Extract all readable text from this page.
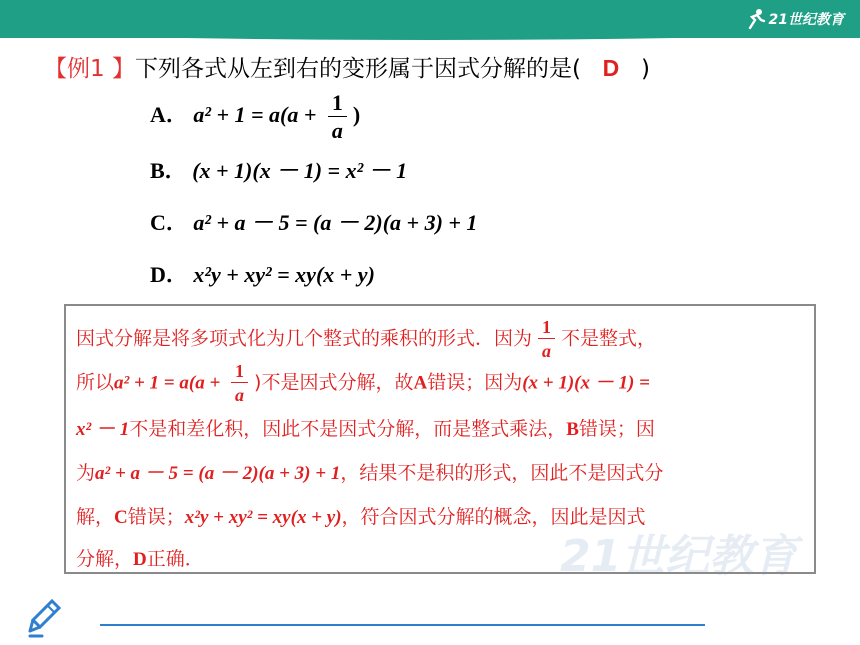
21世纪教育
【例1 】下列各式从左到右的变形属于因式分解的是( D )
A． $a^2 + 1 = a(a + \frac{1}{a}$ )
B． (x + 1)(x － 1) = x² － 1
C． a² + a － 5 = (a － 2)(a + 3) + 1
D． x²y + xy² = xy(x + y)
21世纪教育
因式分解是将多项式化为几个整式的乘积的形式．因为 $\frac{1}{a}$ 不是整式，
所以$a^2 + 1 = a(a + \frac{1}{a}$ )不是因式分解，故A错误；因为(x + 1)(x － 1) =
x² － 1不是和差化积，因此不是因式分解，而是整式乘法，B错误；因
为a² + a － 5 = (a － 2)(a + 3) + 1，结果不是积的形式，因此不是因式分
解，C错误；x²y + xy² = xy(x + y)，符合因式分解的概念，因此是因式
分解，D正确．
